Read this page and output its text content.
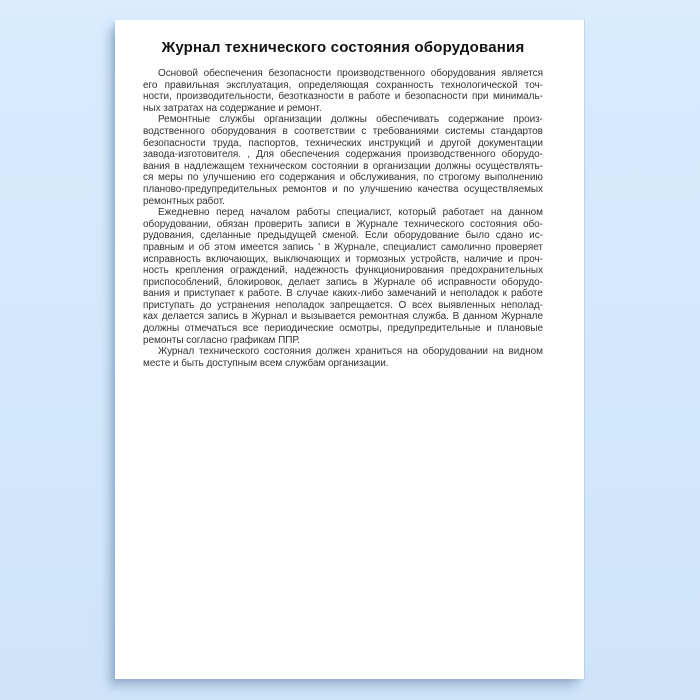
Журнал технического состояния оборудования

Основой обеспечения безопасности производственного оборудования является
его правильная эксплуатация, определяющая сохранность технологической точ-
ности, производительности, безотказности в работе и безопасности при минималь-
ных затратах на содержание и ремонт.

Ремонтные службы организации должны обеспечивать содержание произ-
водственного оборудования в соответствии с требованиями системы стандартов
безопасности труда, паспортов, технических инструкций и другой документации
завода-изготовителя. , Для обеспечения содержания производственного оборудо-
вания в надлежащем техническом состоянии в организации должны осуществлять-
ся меры по улучшению его содержания и обслуживания, по строгому выполнению
планово-предупредительных ремонтов и по улучшению качества осуществляемых
ремонтных работ.

Ежедневно перед началом работы специалист, который работает на данном
оборудовании, обязан проверить записи в Журнале технического состояния обо-
рудования, сделанные предыдущей сменой. Если оборудование было сдано ис-
правным и об этом имеется запись ' в Журнале, специалист самолично проверяет
исправность включающих, выключающих и тормозных устройств, наличие и проч-
ность крепления ограждений, надежность функционирования предохранительных
приспособлений, блокировок, делает запись в Журнале об исправности оборудо-
вания и приступает к работе. В случае каких-либо замечаний и неполадок к работе
приступать до устранения неполадок запрещается. О всех выявленных неполад-
ках делается запись в Журнал и вызывается ремонтная служба. В данном Журнале
должны отмечаться все периодические осмотры, предупредительные и плановые
ремонты согласно графикам ППР.

Журнал технического состояния должен храниться на оборудовании на видном
месте и быть доступным всем службам организации.
